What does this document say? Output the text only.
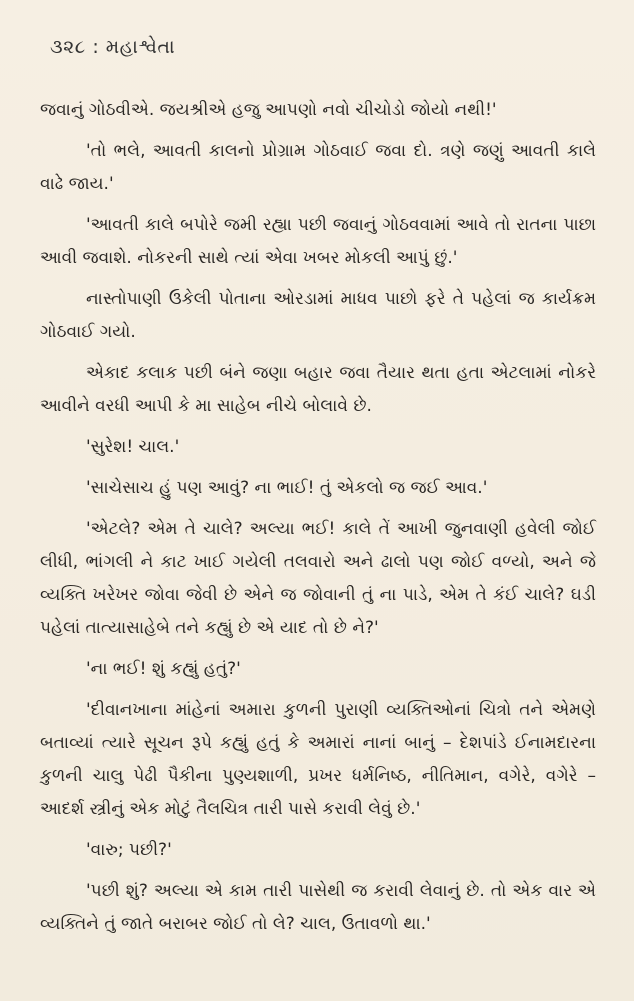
૩૨૮ : મહાશ્વેતા

જવાનું ગોઠવીએ. જયશ્રીએ હજુ આપણો નવો ચીચોડો જોયો નથી!'

'તો ભલે, આવતી કાલનો પ્રોગ્રામ ગોઠવાઈ જવા દો. ત્રણે જણું આવતી કાલે વાઢે જાય.'

'આવતી કાલે બપોરે જમી રહ્યા પછી જવાનું ગોઠવવામાં આવે તો રાતના પાછા આવી જવાશે. નોકરની સાથે ત્યાં એવા ખબર મોકલી આપું છું.'

નાસ્તોપાણી ઉકેલી પોતાના ઓરડામાં માધવ પાછો ફરે તે પહેલાં જ કાર્યક્રમ ગોઠવાઈ ગયો.

એકાદ કલાક પછી બંને જણા બહાર જવા તૈયાર થતા હતા એટલામાં નોકરે આવીને વરધી આપી કે મા સાહેબ નીચે બોલાવે છે.

'સુરેશ! ચાલ.'

'સાચેસાચ હું પણ આવું? ના ભાઈ! તું એકલો જ જઈ આવ.'

'એટલે? એમ તે ચાલે? અલ્યા ભઈ! કાલે તેં આખી જુનવાણી હવેલી જોઈ લીધી, ભાંગલી ને કાટ ખાઈ ગયેલી તલવારો અને ઢાલો પણ જોઈ વળ્યો, અને જે વ્યક્તિ ખરેખર જોવા જેવી છે એને જ જોવાની તું ના પાડે, એમ તે કંઈ ચાલે? ઘડી પહેલાં તાત્યાસાહેબે તને કહ્યું છે એ યાદ તો છે ને?'

'ના ભઈ! શું કહ્યું હતું?'

'દીવાનખાના માંહેનાં અમારા કુળની પુરાણી વ્યક્તિઓનાં ચિત્રો તને એમણે બતાવ્યાં ત્યારે સૂચન રૂપે કહ્યું હતું કે અમારાં નાનાં બાનું – દેશપાંડે ઈનામદારના કુળની ચાલુ પેઢી પૈકીના પુણ્યશાળી, પ્રખર ધર્મનિષ્ઠ, નીતિમાન, વગેરે, વગેરે – આદર્શ સ્ત્રીનું એક મોટું તૈલચિત્ર તારી પાસે કરાવી લેવું છે.'

'વારુ; પછી?'

'પછી શું? અલ્યા એ કામ તારી પાસેથી જ કરાવી લેવાનું છે. તો એક વાર એ વ્યક્તિને તું જાતે બરાબર જોઈ તો લે? ચાલ, ઉતાવળો થા.'
